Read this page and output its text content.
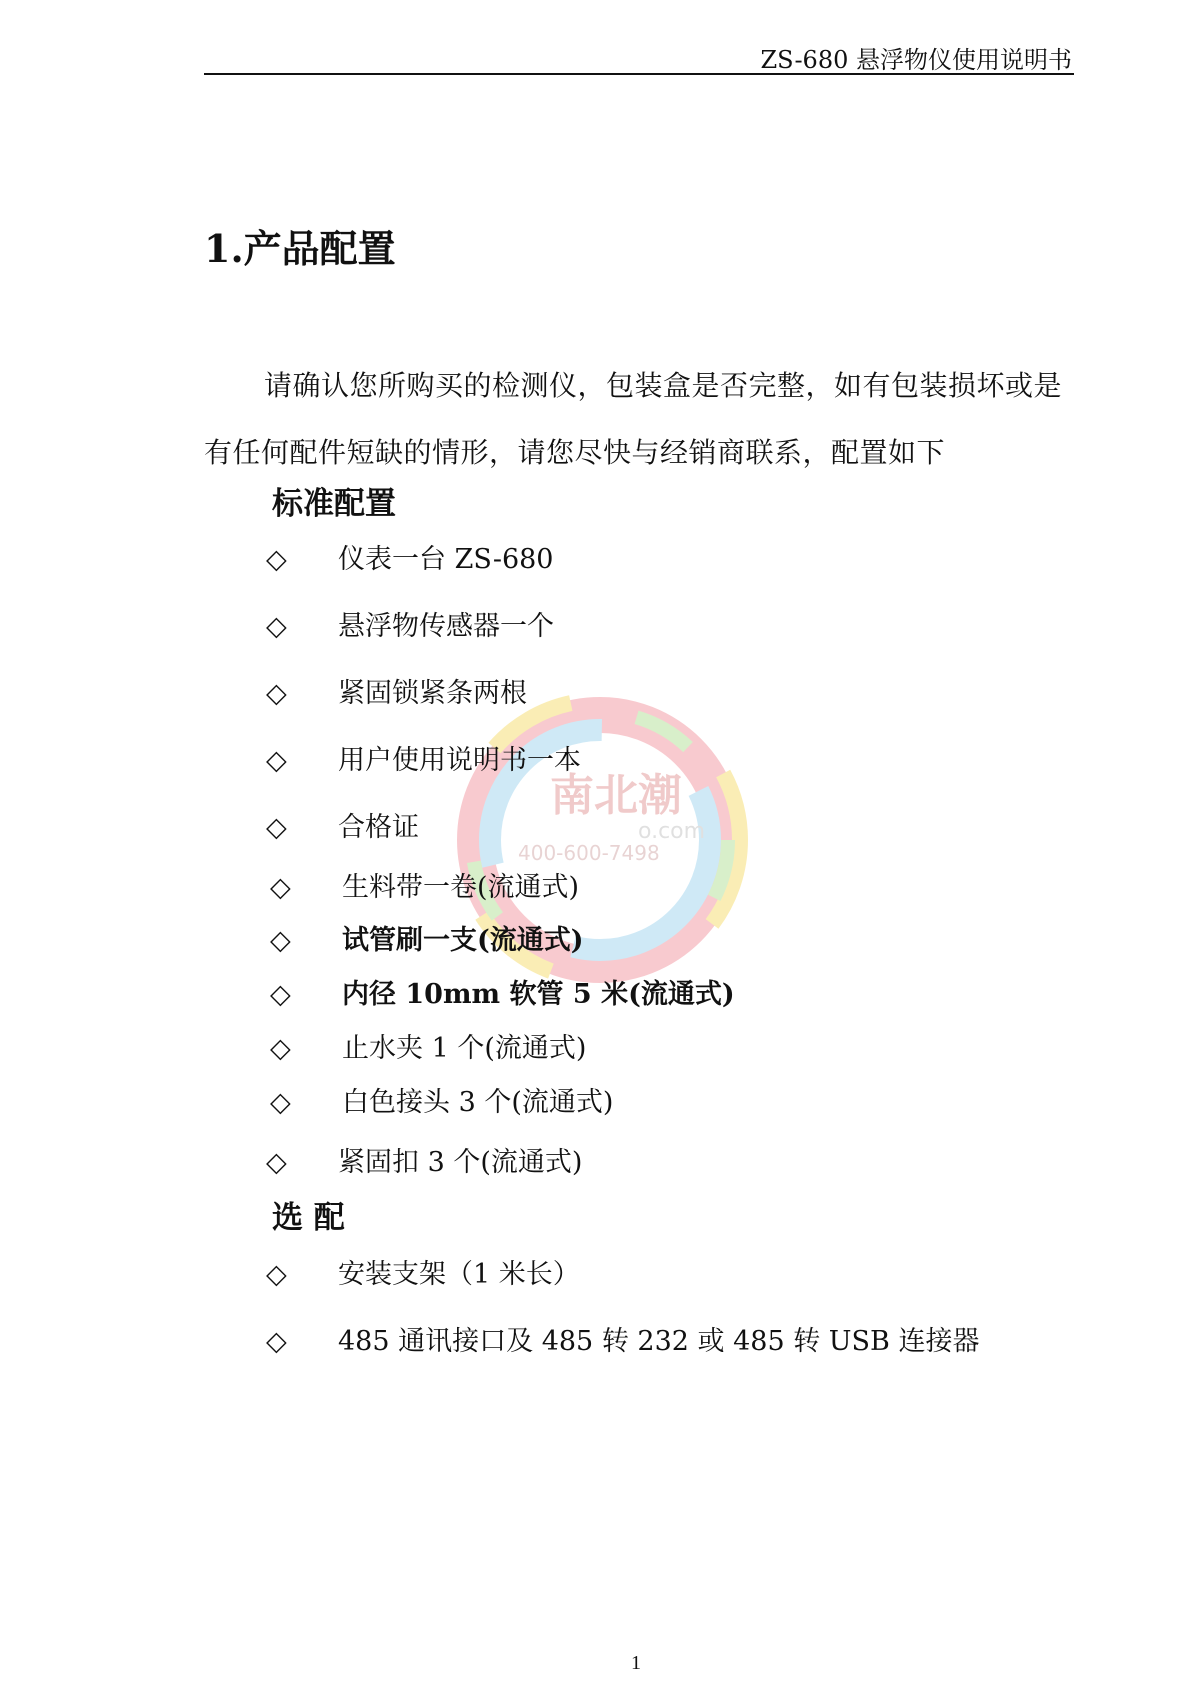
ZS-680 悬浮物仪使用说明书
1.产品配置
请确认您所购买的检测仪，包装盒是否完整，如有包装损坏或是有任何配件短缺的情形，请您尽快与经销商联系，配置如下
南北潮
o.com
400-600-7498
标准配置
◇ 仪表一台 ZS-680
◇ 悬浮物传感器一个
◇ 紧固锁紧条两根
◇ 用户使用说明书一本
◇ 合格证
◇ 生料带一卷(流通式)
◇ 试管刷一支(流通式)
◇ 内径 10mm 软管 5 米(流通式)
◇ 止水夹 1 个(流通式)
◇ 白色接头 3 个(流通式)
◇ 紧固扣 3 个(流通式)
选 配
◇ 安装支架（1 米长）
◇ 485 通讯接口及 485 转 232 或 485 转 USB 连接器
1
